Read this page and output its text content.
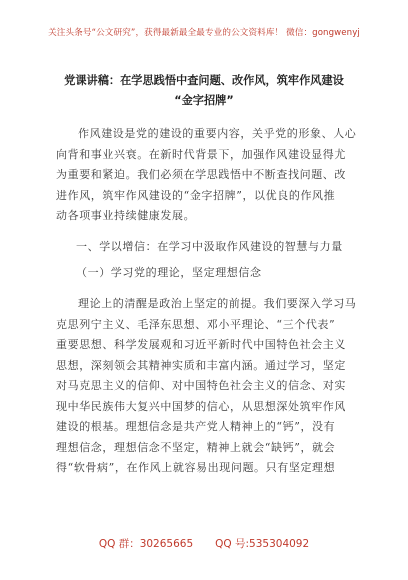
关注头条号“公文研究”，获得最新最全最专业的公文资料库！ 微信：gongwenyj
党课讲稿：在学思践悟中查问题、改作风，筑牢作风建设
“金字招牌”
作风建设是党的建设的重要内容，关乎党的形象、人心
向背和事业兴衰。在新时代背景下，加强作风建设显得尤
为重要和紧迫。我们必须在学思践悟中不断查找问题、改
进作风，筑牢作风建设的“金字招牌”，以优良的作风推
动各项事业持续健康发展。
一、学以增信：在学习中汲取作风建设的智慧与力量
（一）学习党的理论，坚定理想信念
理论上的清醒是政治上坚定的前提。我们要深入学习马
克思列宁主义、毛泽东思想、邓小平理论、“三个代表”
重要思想、科学发展观和习近平新时代中国特色社会主义
思想，深刻领会其精神实质和丰富内涵。通过学习，坚定
对马克思主义的信仰、对中国特色社会主义的信念、对实
现中华民族伟大复兴中国梦的信心，从思想深处筑牢作风
建设的根基。理想信念是共产党人精神上的“钙”，没有
理想信念，理想信念不坚定，精神上就会“缺钙”，就会
得“软骨病”，在作风上就容易出现问题。只有坚定理想
QQ 群：30265665 QQ 号:535304092
